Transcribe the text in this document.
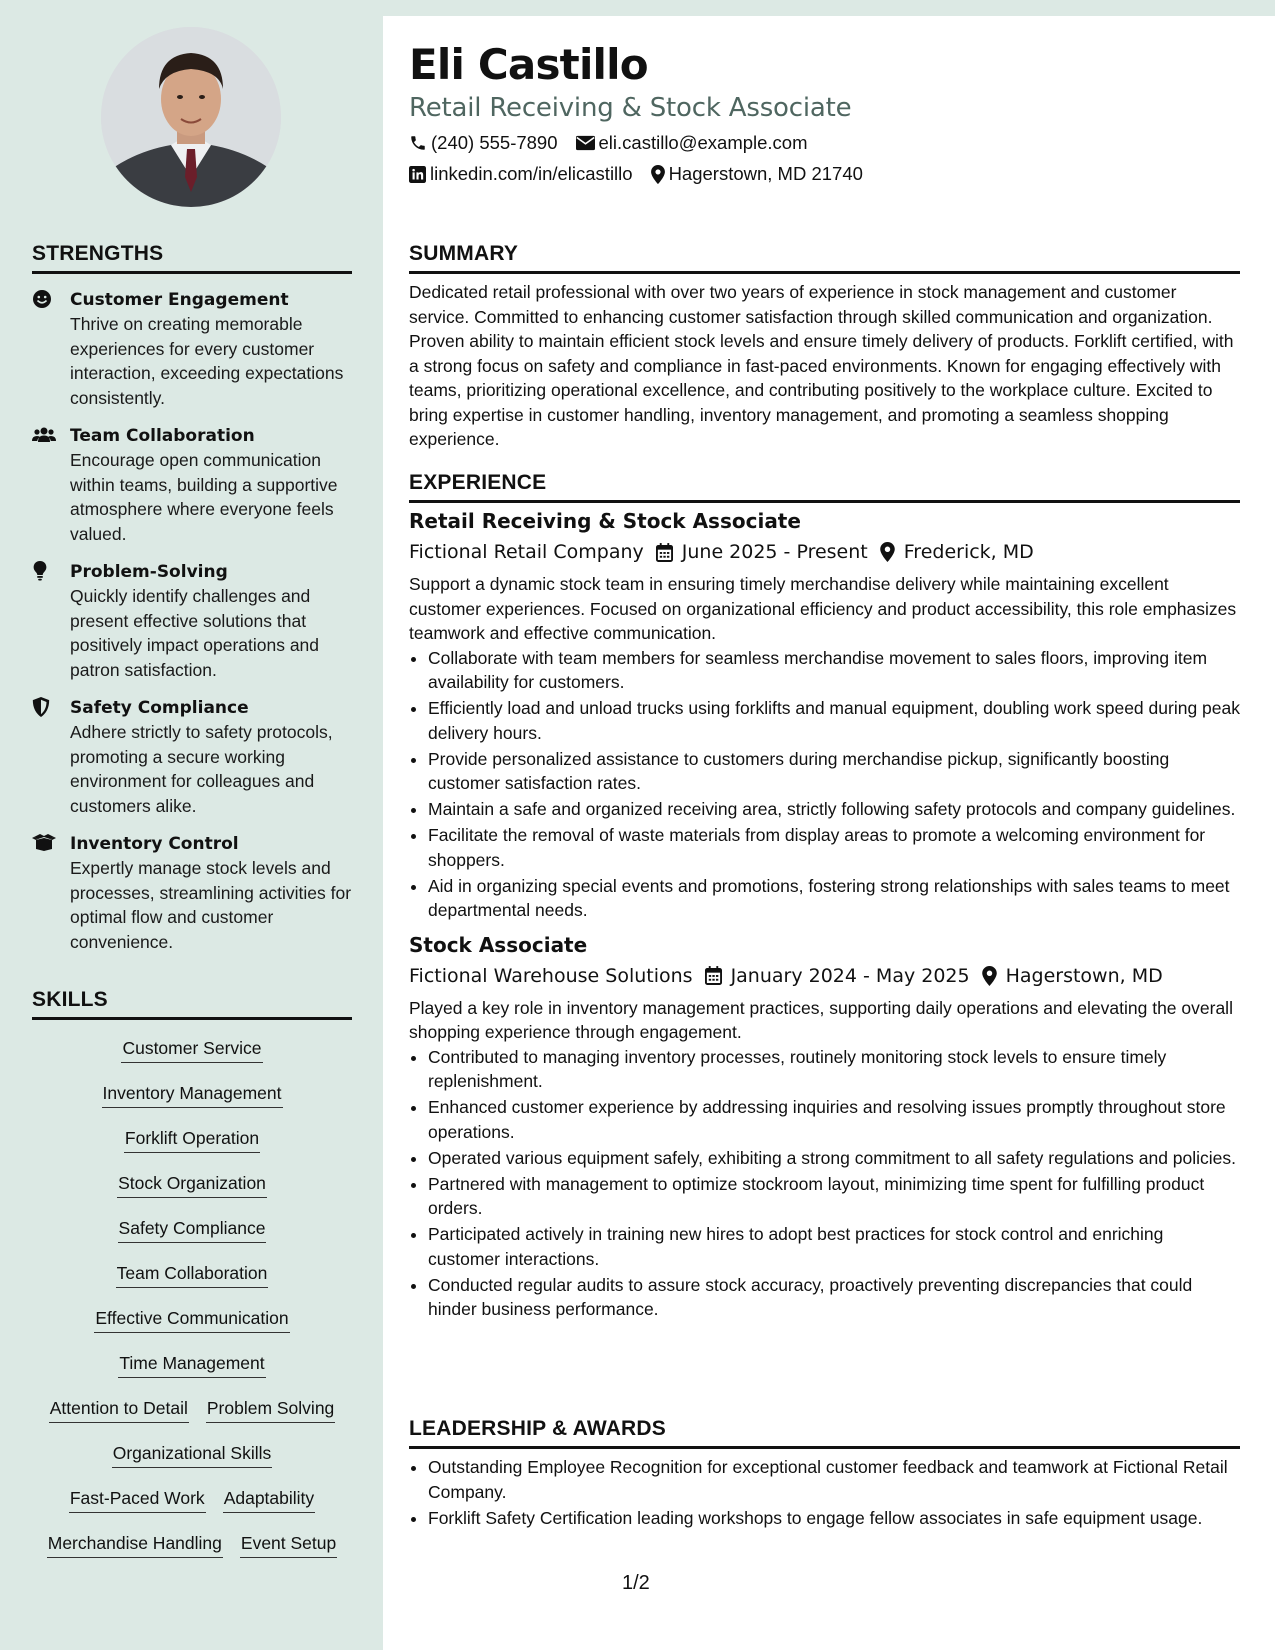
Eli Castillo
Retail Receiving & Stock Associate
(240) 555-7890 eli.castillo@example.com
linkedin.com/in/elicastillo Hagerstown, MD 21740
STRENGTHS
Customer Engagement
Thrive on creating memorable experiences for every customer interaction, exceeding expectations consistently.
Team Collaboration
Encourage open communication within teams, building a supportive atmosphere where everyone feels valued.
Problem-Solving
Quickly identify challenges and present effective solutions that positively impact operations and patron satisfaction.
Safety Compliance
Adhere strictly to safety protocols, promoting a secure working environment for colleagues and customers alike.
Inventory Control
Expertly manage stock levels and processes, streamlining activities for optimal flow and customer convenience.
SKILLS
Customer Service
Inventory Management
Forklift Operation
Stock Organization
Safety Compliance
Team Collaboration
Effective Communication
Time Management
Attention to Detail Problem Solving
Organizational Skills
Fast-Paced Work Adaptability
Merchandise Handling Event Setup
SUMMARY
Dedicated retail professional with over two years of experience in stock management and customer service. Committed to enhancing customer satisfaction through skilled communication and organization. Proven ability to maintain efficient stock levels and ensure timely delivery of products. Forklift certified, with a strong focus on safety and compliance in fast-paced environments. Known for engaging effectively with teams, prioritizing operational excellence, and contributing positively to the workplace culture. Excited to bring expertise in customer handling, inventory management, and promoting a seamless shopping experience.
EXPERIENCE
Retail Receiving & Stock Associate
Fictional Retail Company June 2025 - Present Frederick, MD
Support a dynamic stock team in ensuring timely merchandise delivery while maintaining excellent customer experiences. Focused on organizational efficiency and product accessibility, this role emphasizes teamwork and effective communication.
• Collaborate with team members for seamless merchandise movement to sales floors, improving item availability for customers.
• Efficiently load and unload trucks using forklifts and manual equipment, doubling work speed during peak delivery hours.
• Provide personalized assistance to customers during merchandise pickup, significantly boosting customer satisfaction rates.
• Maintain a safe and organized receiving area, strictly following safety protocols and company guidelines.
• Facilitate the removal of waste materials from display areas to promote a welcoming environment for shoppers.
• Aid in organizing special events and promotions, fostering strong relationships with sales teams to meet departmental needs.
Stock Associate
Fictional Warehouse Solutions January 2024 - May 2025 Hagerstown, MD
Played a key role in inventory management practices, supporting daily operations and elevating the overall shopping experience through engagement.
• Contributed to managing inventory processes, routinely monitoring stock levels to ensure timely replenishment.
• Enhanced customer experience by addressing inquiries and resolving issues promptly throughout store operations.
• Operated various equipment safely, exhibiting a strong commitment to all safety regulations and policies.
• Partnered with management to optimize stockroom layout, minimizing time spent for fulfilling product orders.
• Participated actively in training new hires to adopt best practices for stock control and enriching customer interactions.
• Conducted regular audits to assure stock accuracy, proactively preventing discrepancies that could hinder business performance.
LEADERSHIP & AWARDS
• Outstanding Employee Recognition for exceptional customer feedback and teamwork at Fictional Retail Company.
• Forklift Safety Certification leading workshops to engage fellow associates in safe equipment usage.
1/2
